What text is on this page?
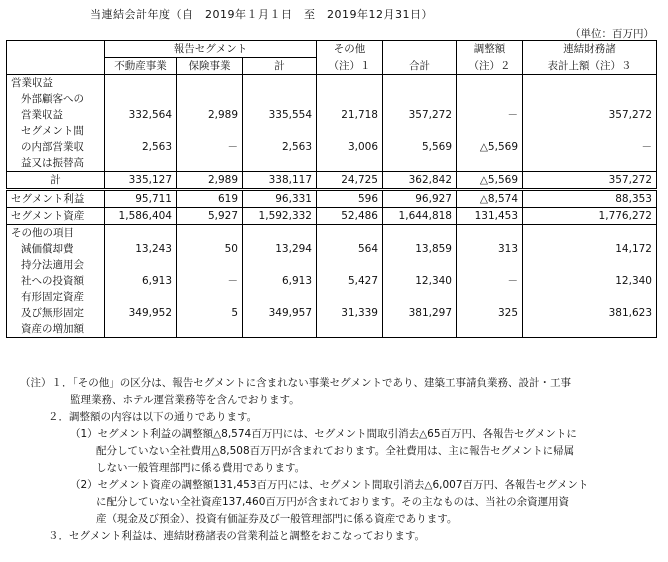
当連結会計年度（自　2019年１月１日　至　2019年12月31日）
（単位：百万円）
	報告セグメント			その他		調整額	連結財務諸
	不動産事業	保険事業	計	（注）１	合計	（注）２	表計上額（注）３
営業収益							
外部顧客への							
営業収益	332,564	2,989	335,554	21,718	357,272	－	357,272
セグメント間							
の内部営業収	2,563	－	2,563	3,006	5,569	△5,569	－
益又は振替高							
計	335,127	2,989	338,117	24,725	362,842	△5,569	357,272
セグメント利益	95,711	619	96,331	596	96,927	△8,574	88,353
セグメント資産	1,586,404	5,927	1,592,332	52,486	1,644,818	131,453	1,776,272
その他の項目							
減価償却費	13,243	50	13,294	564	13,859	313	14,172
持分法適用会							
社への投資額	6,913	－	6,913	5,427	12,340	－	12,340
有形固定資産							
及び無形固定	349,952	5	349,957	31,339	381,297	325	381,623
資産の増加額							
（注）１．「その他」の区分は、報告セグメントに含まれない事業セグメントであり、建築工事請負業務、設計・工事
監理業務、ホテル運営業務等を含んでおります。
２．調整額の内容は以下の通りであります。
（1）セグメント利益の調整額△8,574百万円には、セグメント間取引消去△65百万円、各報告セグメントに
配分していない全社費用△8,508百万円が含まれております。全社費用は、主に報告セグメントに帰属
しない一般管理部門に係る費用であります。
（2）セグメント資産の調整額131,453百万円には、セグメント間取引消去△6,007百万円、各報告セグメント
に配分していない全社資産137,460百万円が含まれております。その主なものは、当社の余資運用資
産（現金及び預金）、投資有価証券及び一般管理部門に係る資産であります。
３．セグメント利益は、連結財務諸表の営業利益と調整をおこなっております。
